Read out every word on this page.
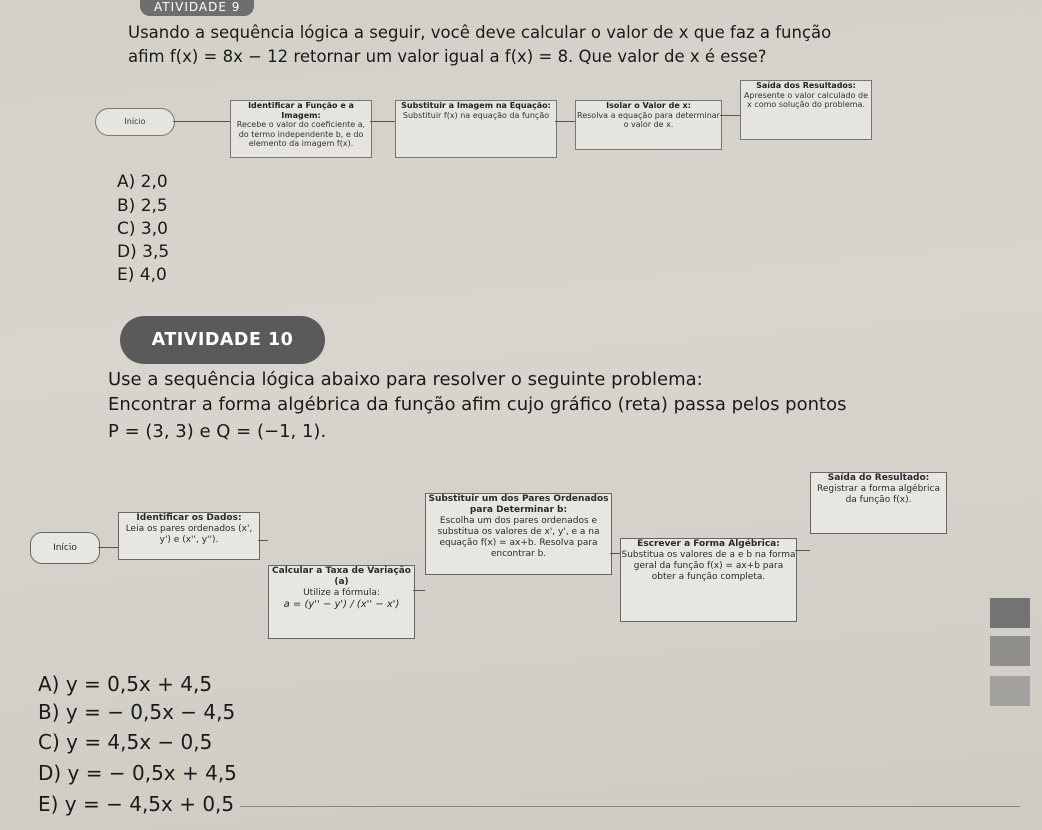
ATIVIDADE 9
Usando a sequência lógica a seguir, você deve calcular o valor de x que faz a função
afim f(x) = 8x − 12 retornar um valor igual a f(x) = 8. Que valor de x é esse?
Início
Identificar a Função e a Imagem:
Recebe o valor do coeficiente a, do termo independente b, e do elemento da imagem f(x).
Substituir a Imagem na Equação:
Substituir f(x) na equação da função
Isolar o Valor de x:
Resolva a equação para determinar o valor de x.
Saída dos Resultados:
Apresente o valor calculado de x como solução do problema.
A) 2,0
B) 2,5
C) 3,0
D) 3,5
E) 4,0
ATIVIDADE 10
Use a sequência lógica abaixo para resolver o seguinte problema:
Encontrar a forma algébrica da função afim cujo gráfico (reta) passa pelos pontos
P = (3, 3) e Q = (−1, 1).
Início
Identificar os Dados:
Leia os pares ordenados (x', y') e (x'', y'').
Calcular a Taxa de Variação (a)
Utilize a fórmula:
a = (y'' − y') / (x'' − x')
Substituir um dos Pares Ordenados para Determinar b:
Escolha um dos pares ordenados e substitua os valores de x', y', e a na equação f(x) = ax+b. Resolva para encontrar b.
Escrever a Forma Algébrica:
Substitua os valores de a e b na forma geral da função f(x) = ax+b para obter a função completa.
Saída do Resultado:
Registrar a forma algébrica da função f(x).
A) y = 0,5x + 4,5
B) y = − 0,5x − 4,5
C) y = 4,5x − 0,5
D) y = − 0,5x + 4,5
E) y = − 4,5x + 0,5
